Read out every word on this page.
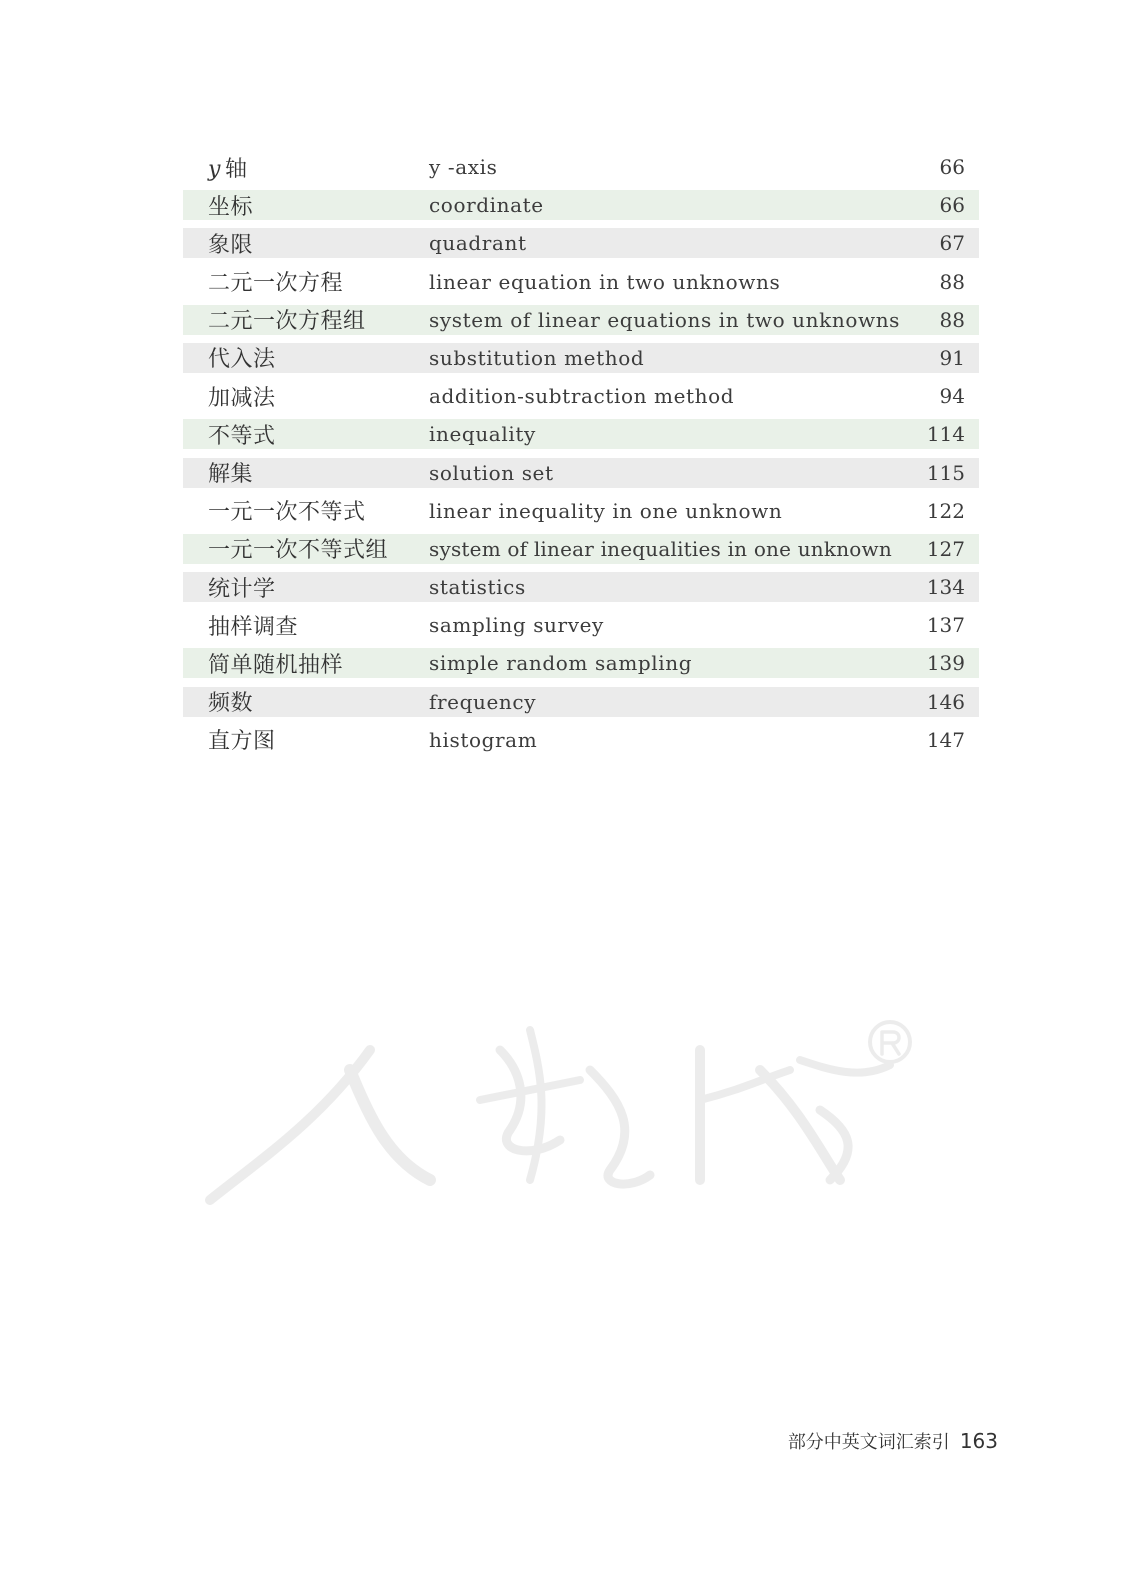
y 轴	y -axis	66
坐标	coordinate	66
象限	quadrant	67
二元一次方程	linear equation in two unknowns	88
二元一次方程组	system of linear equations in two unknowns 88
代入法	substitution method	91
加减法	addition-subtraction method	94
不等式	inequality	114
解集	solution set	115
一元一次不等式	linear inequality in one unknown	122
一元一次不等式组 system of linear inequalities in one unknown 127
统计学	statistics	134
抽样调查	sampling survey	137
简单随机抽样	simple random sampling	139
频数	frequency	146
直方图	histogram	147
部分中英文词汇索引 163
